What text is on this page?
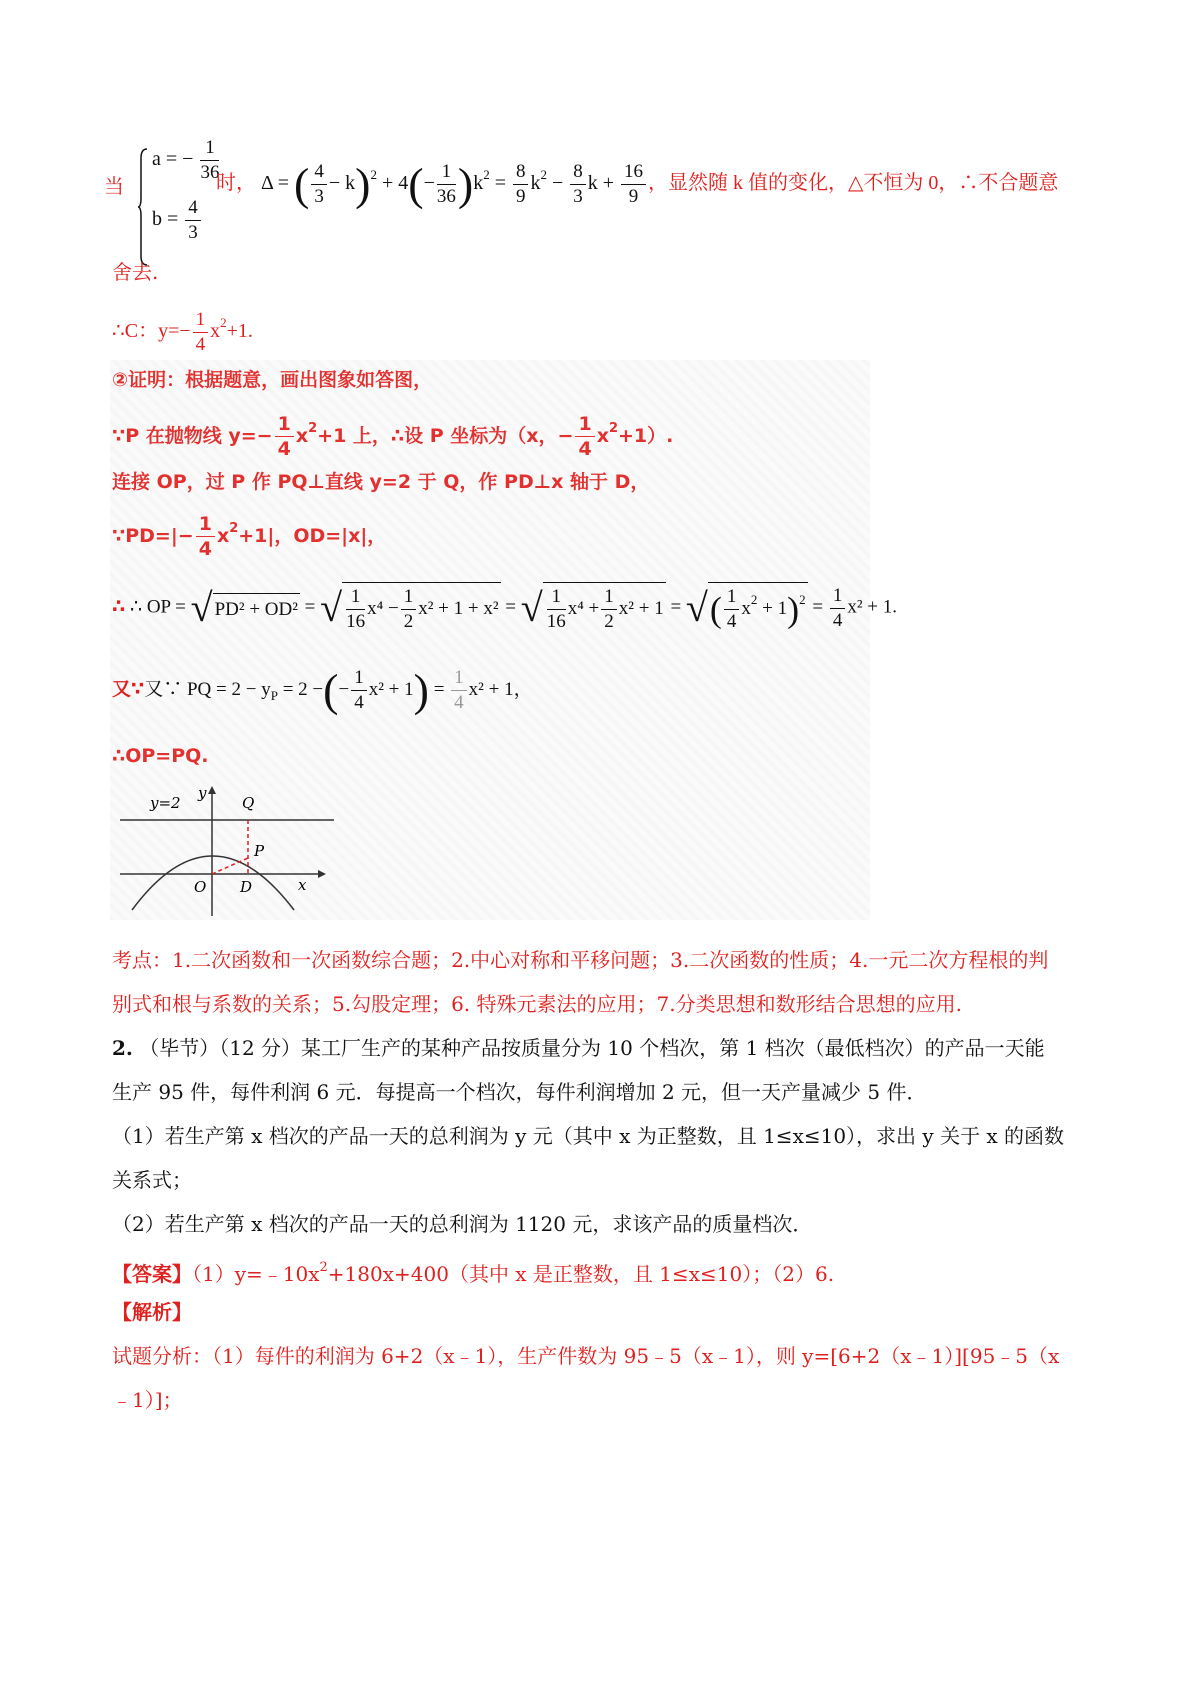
当
a = − $\frac{1}{36}$
$b = \frac{4}{3}$
时， Δ = ( $\frac{4}{3} - k)^2 + 4(- \frac{1}{36} )k^2 = \frac{8}{9} k^2 - \frac{8}{3}$ $k + \frac{16}{9}$ ，显然随 k 值的变化，△不恒为 0，∴不合题意
舍去.
∴C：$y=- \frac{1}{4} x^2+1$.
②证明：根据题意，画出图象如答图，
∵P 在抛物线 $y=- \frac{1}{4} x^2+1$ 上，∴设 P 坐标为（x，− $\frac{1}{4} x^2+1$）.
连接 OP，过 P 作 PQ⊥直线 y=2 于 Q，作 PD⊥x 轴于 D，
∵PD=|− $\frac{1}{4} x^2+1|$，OD=|x|，
∴ ∴ OP = √ PD² + OD² = √ $\frac{1}{16} x^4 - \frac{1}{2} x^2 + 1 + x^2$ = √ $\frac{1}{16} x^4 + \frac{1}{2} x^2 + 1$ = √( $\frac{1}{4} x^2 + 1)^2 = \frac{1}{4} x^2 + 1$.
又∵又∵ PQ = $2 - y_P = 2$ −(− $\frac{1}{4} x^2 + 1) = \frac{1}{4} x^2 + 1$，
∴OP=PQ.
y=2
y
Q
P
O D	x
考点：1.二次函数和一次函数综合题；2.中心对称和平移问题；3.二次函数的性质；4.一元二次方程根的判
别式和根与系数的关系；5.勾股定理；6. 特殊元素法的应用；7.分类思想和数形结合思想的应用.
2. （毕节）（12 分）某工厂生产的某种产品按质量分为 10 个档次，第 1 档次（最低档次）的产品一天能
生产 95 件，每件利润 6 元．每提高一个档次，每件利润增加 2 元，但一天产量减少 5 件．
（1）若生产第 x 档次的产品一天的总利润为 y 元（其中 x 为正整数，且 1≤x≤10），求出 y 关于 x 的函数
关系式；
（2）若生产第 x 档次的产品一天的总利润为 1120 元，求该产品的质量档次．
【答案】$(1)y=﹣10x^2+180x+400$（其中 x 是正整数，且 1≤x≤10）；（2）6.
【解析】
试题分析：（1）每件的利润为 6+2（x﹣1），生产件数为 95﹣5（x﹣1），则 y=[6+2（x﹣1）][95﹣5（x
﹣1）]；
